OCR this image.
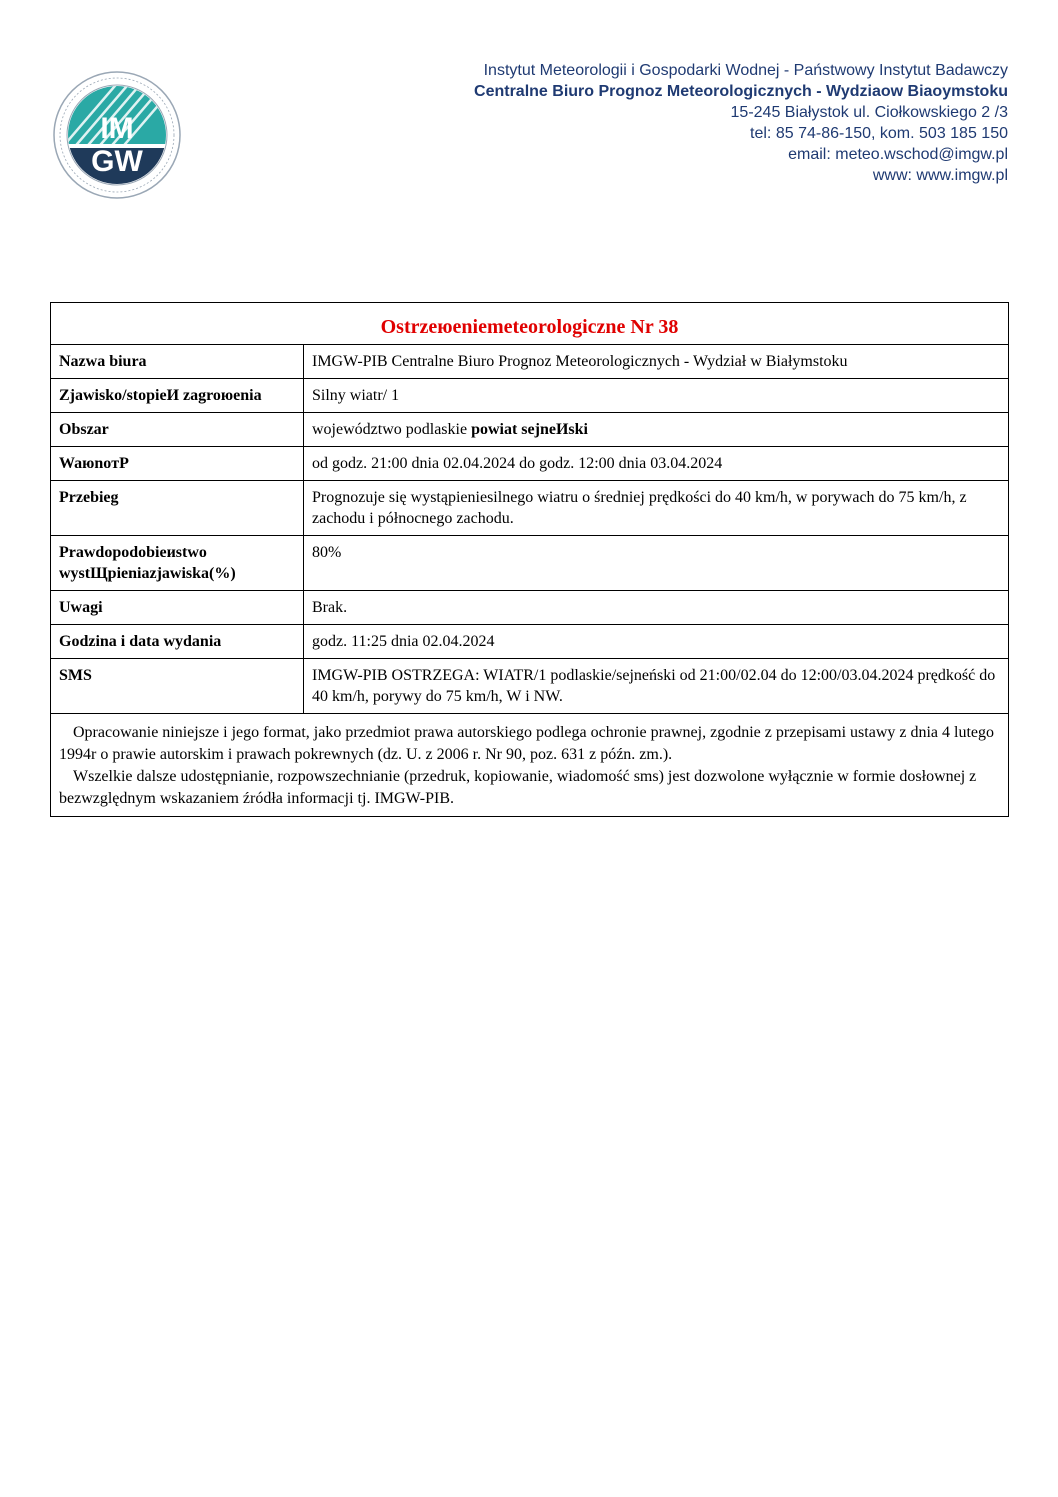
IM
GW
Instytut Meteorologii i Gospodarki Wodnej - Państwowy Instytut Badawczy
Centralne Biuro Prognoz Meteorologicznych - Wydziaow Biaoymstoku
15-245 Białystok ul. Ciołkowskiego 2 /3
tel: 85 74-86-150, kom. 503 185 150
email: meteo.wschod@imgw.pl
www: www.imgw.pl
Ostrzeюeniemeteorologiczne Nr 38	
Nazwa biura	IMGW-PIB Centralne Biuro Prognoz Meteorologicznych - Wydział w Białymstoku
Zjawisko/stopieИ zagroюenia	Silny wiatr/ 1
Obszar	województwo podlaskie powiat sejneИski
WaюnoтР	od godz. 21:00 dnia 02.04.2024 do godz. 12:00 dnia 03.04.2024
Przebieg	Prognozuje się wystąpieniesilnego wiatru o średniej prędkości do 40 km/h, w porywach do 75 km/h, z zachodu i północnego zachodu.
Prawdopodobieиstwo wystЩpieniazjawiska(%)	80%
Uwagi	Brak.
Godzina i data wydania	godz. 11:25 dnia 02.04.2024
SMS	IMGW-PIB OSTRZEGA: WIATR/1 podlaskie/sejneński od 21:00/02.04 do 12:00/03.04.2024 prędkość do 40 km/h, porywy do 75 km/h, W i NW.

Opracowanie niniejsze i jego format, jako przedmiot prawa autorskiego podlega ochronie prawnej, zgodnie z przepisami ustawy z dnia 4 lutego 1994r o prawie autorskim i prawach pokrewnych (dz. U. z 2006 r. Nr 90, poz. 631 z późn. zm.).
Wszelkie dalsze udostępnianie, rozpowszechnianie (przedruk, kopiowanie, wiadomość sms) jest dozwolone wyłącznie w formie dosłownej z bezwzględnym wskazaniem źródła informacji tj. IMGW-PIB.	
